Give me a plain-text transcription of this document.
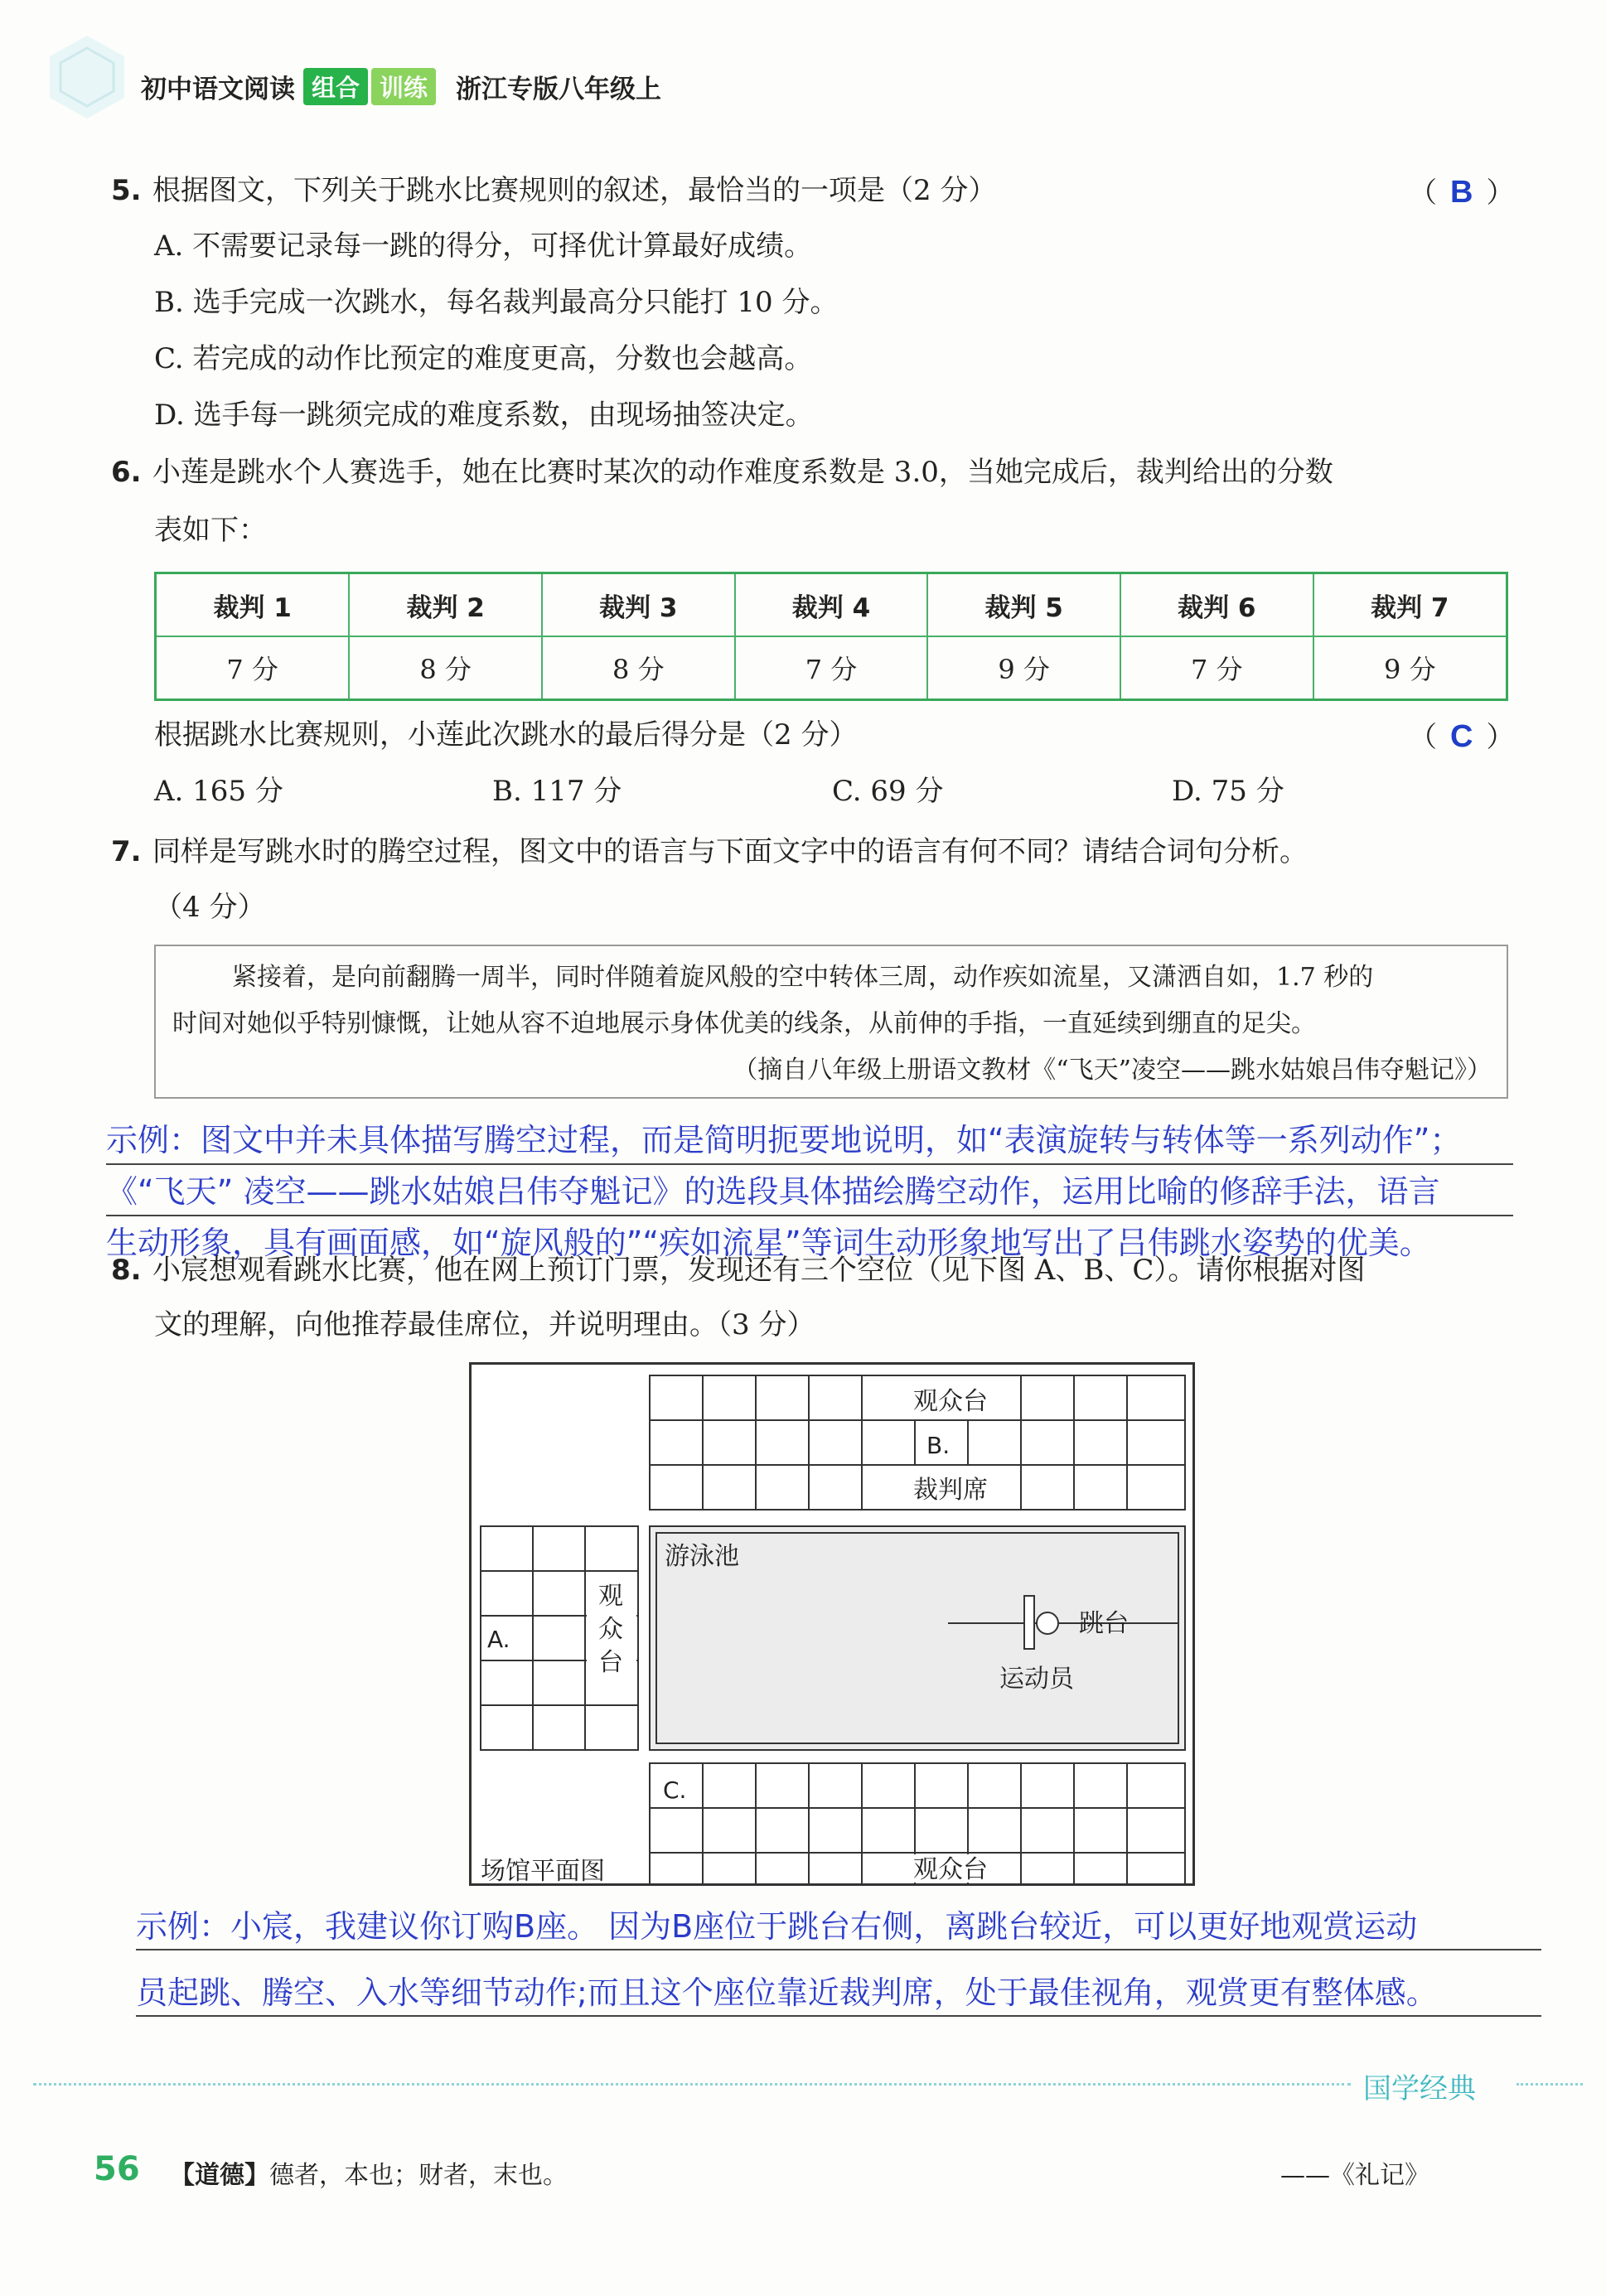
初中语文阅读 组合 训练	浙江专版八年级上
5. 根据图文，下列关于跳水比赛规则的叙述，最恰当的一项是（2 分）	（ B ）
A. 不需要记录每一跳的得分，可择优计算最好成绩。
B. 选手完成一次跳水，每名裁判最高分只能打 10 分。
C. 若完成的动作比预定的难度更高，分数也会越高。
D. 选手每一跳须完成的难度系数，由现场抽签决定。
6. 小莲是跳水个人赛选手，她在比赛时某次的动作难度系数是 3.0，当她完成后，裁判给出的分数
表如下：
裁判 1	裁判 2	裁判 3	裁判 4	裁判 5	裁判 6	裁判 7
7 分	8 分	8 分	7 分	9 分	7 分	9 分
根据跳水比赛规则，小莲此次跳水的最后得分是（2 分）	（ C ）
A. 165 分	B. 117 分	C. 69 分	D. 75 分
7. 同样是写跳水时的腾空过程，图文中的语言与下面文字中的语言有何不同？请结合词句分析。
（4 分）

紧接着，是向前翻腾一周半，同时伴随着旋风般的空中转体三周，动作疾如流星，又潇洒自如，1.7 秒的

时间对她似乎特别慷慨，让她从容不迫地展示身体优美的线条，从前伸的手指，一直延续到绷直的足尖。

（摘自八年级上册语文教材《“飞天”凌空——跳水姑娘吕伟夺魁记》）

示例：图文中并未具体描写腾空过程，而是简明扼要地说明，如“表演旋转与转体等一系列动作”；
《“飞天” 凌空——跳水姑娘吕伟夺魁记》的选段具体描绘腾空动作，运用比喻的修辞手法，语言
生动形象，具有画面感，如“旋风般的”“疾如流星”等词生动形象地写出了吕伟跳水姿势的优美。
8. 小宸想观看跳水比赛，他在网上预订门票，发现还有三个空位（见下图 A、B、C）。请你根据对图
文的理解，向他推荐最佳席位，并说明理由。（3 分）
观众台
B.
裁判席
观
众
台
A.
游泳池
跳台
运动员
C.
观众台
场馆平面图
示例：小宸，我建议你订购B座。 因为B座位于跳台右侧，离跳台较近，可以更好地观赏运动
员起跳、腾空、入水等细节动作;而且这个座位靠近裁判席，处于最佳视角，观赏更有整体感。
国学经典
56 【道德】德者，本也；财者，末也。	——《礼记》
